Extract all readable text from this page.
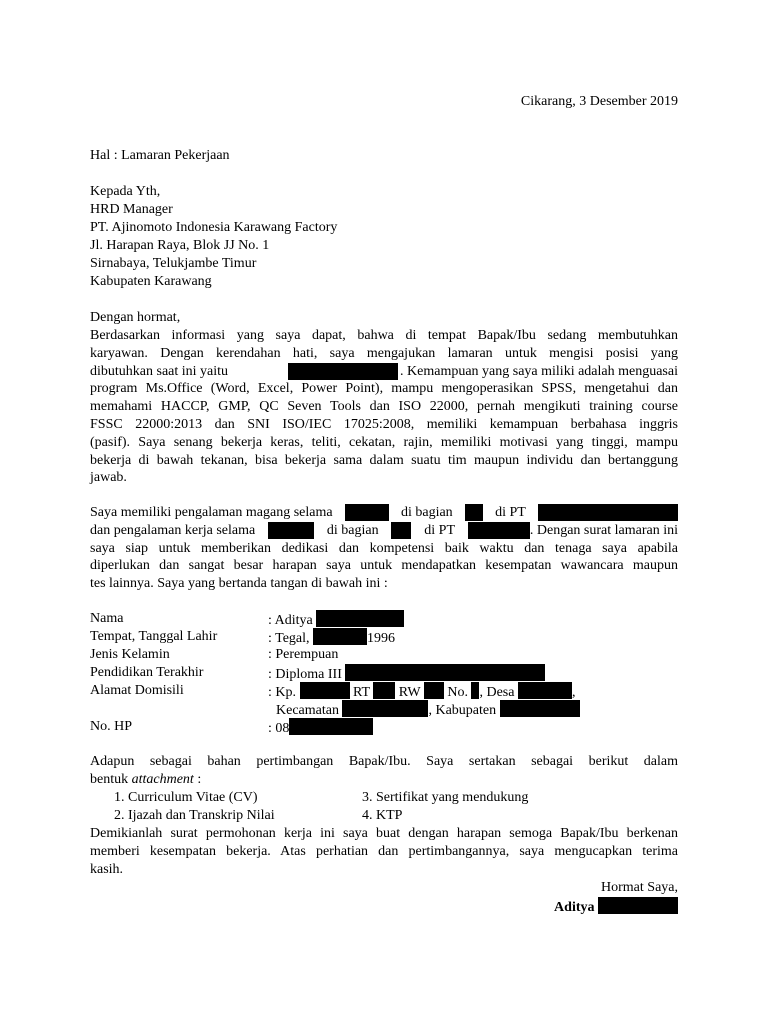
Cikarang, 3 Desember 2019
Hal : Lamaran Pekerjaan
Kepada Yth,
HRD Manager
PT. Ajinomoto Indonesia Karawang Factory
Jl. Harapan Raya, Blok JJ No. 1
Sirnabaya, Telukjambe Timur
Kabupaten Karawang
Dengan hormat,
Berdasarkan informasi yang saya dapat, bahwa di tempat Bapak/Ibu sedang membutuhkan
karyawan. Dengan kerendahan hati, saya mengajukan lamaran untuk mengisi posisi yang
dibutuhkan saat ini yaitu	. Kemampuan yang saya miliki adalah menguasai
program Ms.Office (Word, Excel, Power Point), mampu mengoperasikan SPSS, mengetahui dan
memahami HACCP, GMP, QC Seven Tools dan ISO 22000, pernah mengikuti training course
FSSC 22000:2013 dan SNI ISO/IEC 17025:2008, memiliki kemampuan berbahasa inggris
(pasif). Saya senang bekerja keras, teliti, cekatan, rajin, memiliki motivasi yang tinggi, mampu
bekerja di bawah tekanan, bisa bekerja sama dalam suatu tim maupun individu dan bertanggung
jawab.
Saya memiliki pengalaman magang selama	di bagian	di PT
dan pengalaman kerja selama	di bagian	di PT	. Dengan surat lamaran ini
saya siap untuk memberikan dedikasi dan kompetensi baik waktu dan tenaga saya apabila
diperlukan dan sangat besar harapan saya untuk mendapatkan kesempatan wawancara maupun
tes lainnya. Saya yang bertanda tangan di bawah ini :
Nama	: Aditya
Tempat, Tanggal Lahir	: Tegal,	1996
Jenis Kelamin	: Perempuan
Pendidikan Terakhir	: Diploma III
Alamat Domisili	: Kp.	RT RW No. , Desa	,
Kecamatan	, Kabupaten
No. HP	: 08
Adapun sebagai bahan pertimbangan Bapak/Ibu. Saya sertakan sebagai berikut dalam
bentuk attachment :
1. Curriculum Vitae (CV)
2. Ijazah dan Transkrip Nilai
3. Sertifikat yang mendukung
4. KTP
Demikianlah surat permohonan kerja ini saya buat dengan harapan semoga Bapak/Ibu berkenan
memberi kesempatan bekerja. Atas perhatian dan pertimbangannya, saya mengucapkan terima
kasih.
Hormat Saya,
Aditya
